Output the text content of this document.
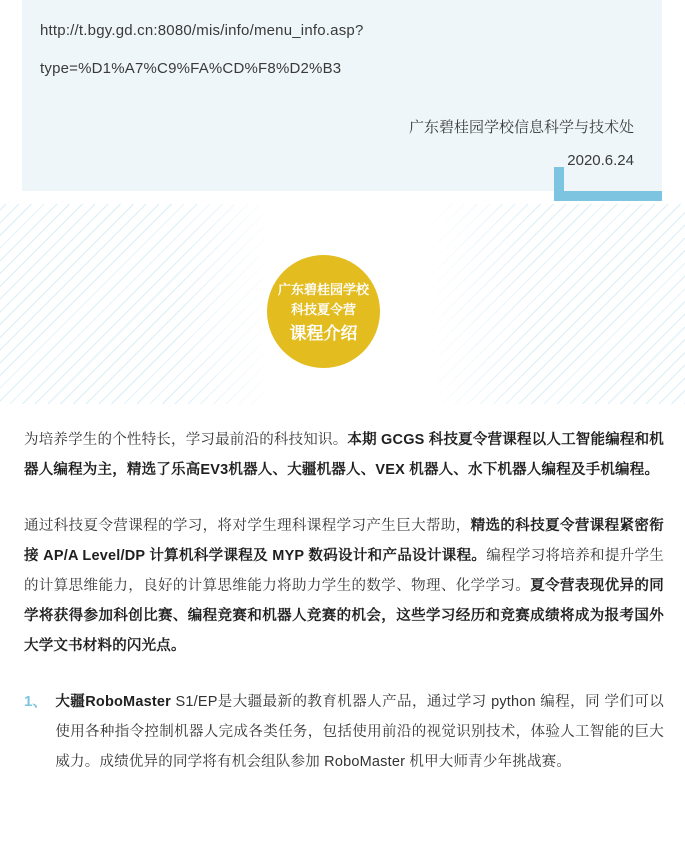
http://t.bgy.gd.cn:8080/mis/info/menu_info.asp?
type=%D1%A7%C9%FA%CD%F8%D2%B3
广东碧桂园学校信息科学与技术处
2020.6.24
广东碧桂园学校
科技夏令营
课程介绍

为培养学生的个性特长，学习最前沿的科技知识。本期 GCGS 科技夏令营课程以人工智能编程和机器人编程为主，精选了乐高EV3机器人、大疆机器人、VEX 机器人、水下机器人编程及手机编程。

通过科技夏令营课程的学习，将对学生理科课程学习产生巨大帮助，精选的科技夏令营课程紧密衔接 AP/A Level/DP 计算机科学课程及 MYP 数码设计和产品设计课程。编程学习将培养和提升学生的计算思维能力，良好的计算思维能力将助力学生的数学、物理、化学学习。夏令营表现优异的同学将获得参加科创比赛、编程竞赛和机器人竞赛的机会，这些学习经历和竞赛成绩将成为报考国外大学文书材料的闪光点。

1、 大疆RoboMaster S1/EP是大疆最新的教育机器人产品，通过学习 python 编程，同 学们可以使用各种指令控制机器人完成各类任务，包括使用前沿的视觉识别技术，体验人工智能的巨大威力。成绩优异的同学将有机会组队参加 RoboMaster 机甲大师青少年挑战赛。
